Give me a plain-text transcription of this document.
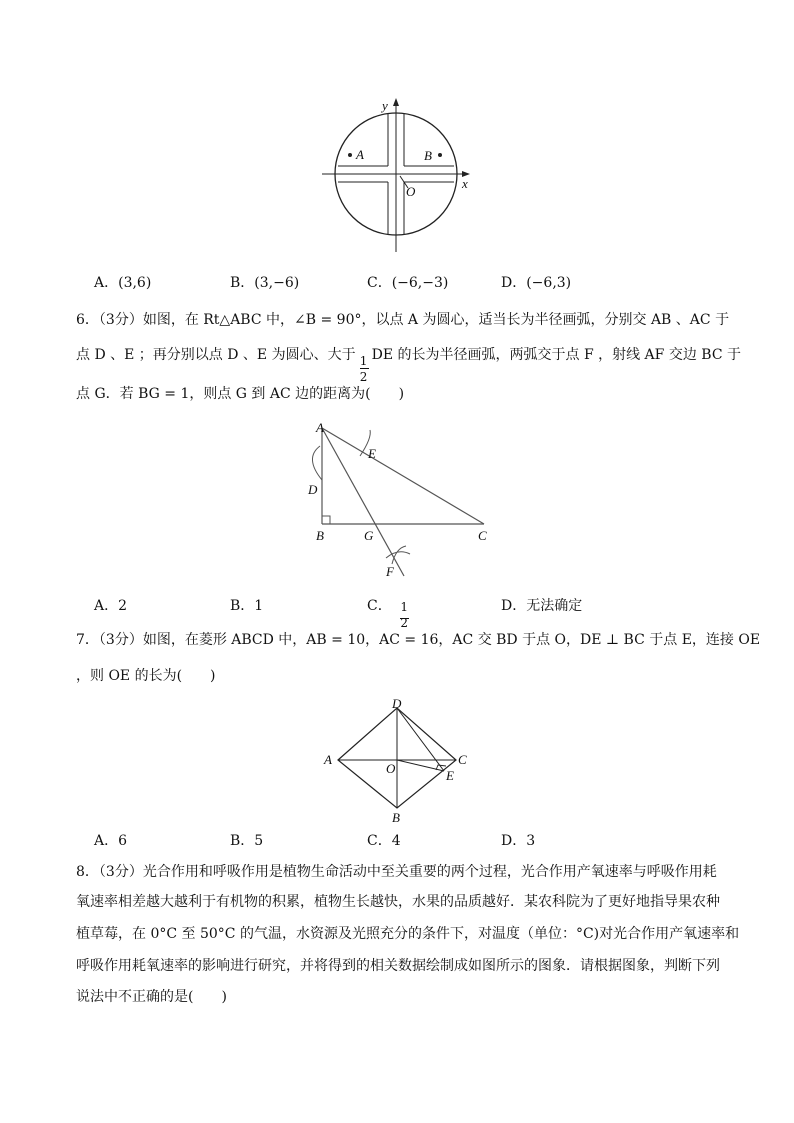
y
x
A	B
O
A．(3,6)	B．(3,−6)	C．(−6,−3)	D．(−6,3)
6．（3分）如图，在 Rt△ABC 中，∠B = 90°，以点 A 为圆心，适当长为半径画弧，分别交 AB 、AC 于
点 D 、E ；再分别以点 D 、E 为圆心、大于
$\frac{1}{2}$
DE 的长为半径画弧，两弧交于点 F ，射线 AF 交边 BC 于
点 G．若 BG = 1，则点 G 到 AC 边的距离为(　　)
A
E
D
B	G	C
F
A．2	B．1	C．
$\frac{1}{2}$
D．无法确定
7．（3分）如图，在菱形 ABCD 中，AB = 10，AC = 16，AC 交 BD 于点 O，DE ⊥ BC 于点 E，连接 OE
，则 OE 的长为(　　)
D
A	C
O	E
B
A．6	B．5	C．4	D．3
8．（3分）光合作用和呼吸作用是植物生命活动中至关重要的两个过程，光合作用产氧速率与呼吸作用耗
氧速率相差越大越利于有机物的积累，植物生长越快，水果的品质越好．某农科院为了更好地指导果农种
植草莓，在 0°C 至 50°C 的气温，水资源及光照充分的条件下，对温度（单位：°C)对光合作用产氧速率和
呼吸作用耗氧速率的影响进行研究，并将得到的相关数据绘制成如图所示的图象．请根据图象，判断下列
说法中不正确的是(　　)
